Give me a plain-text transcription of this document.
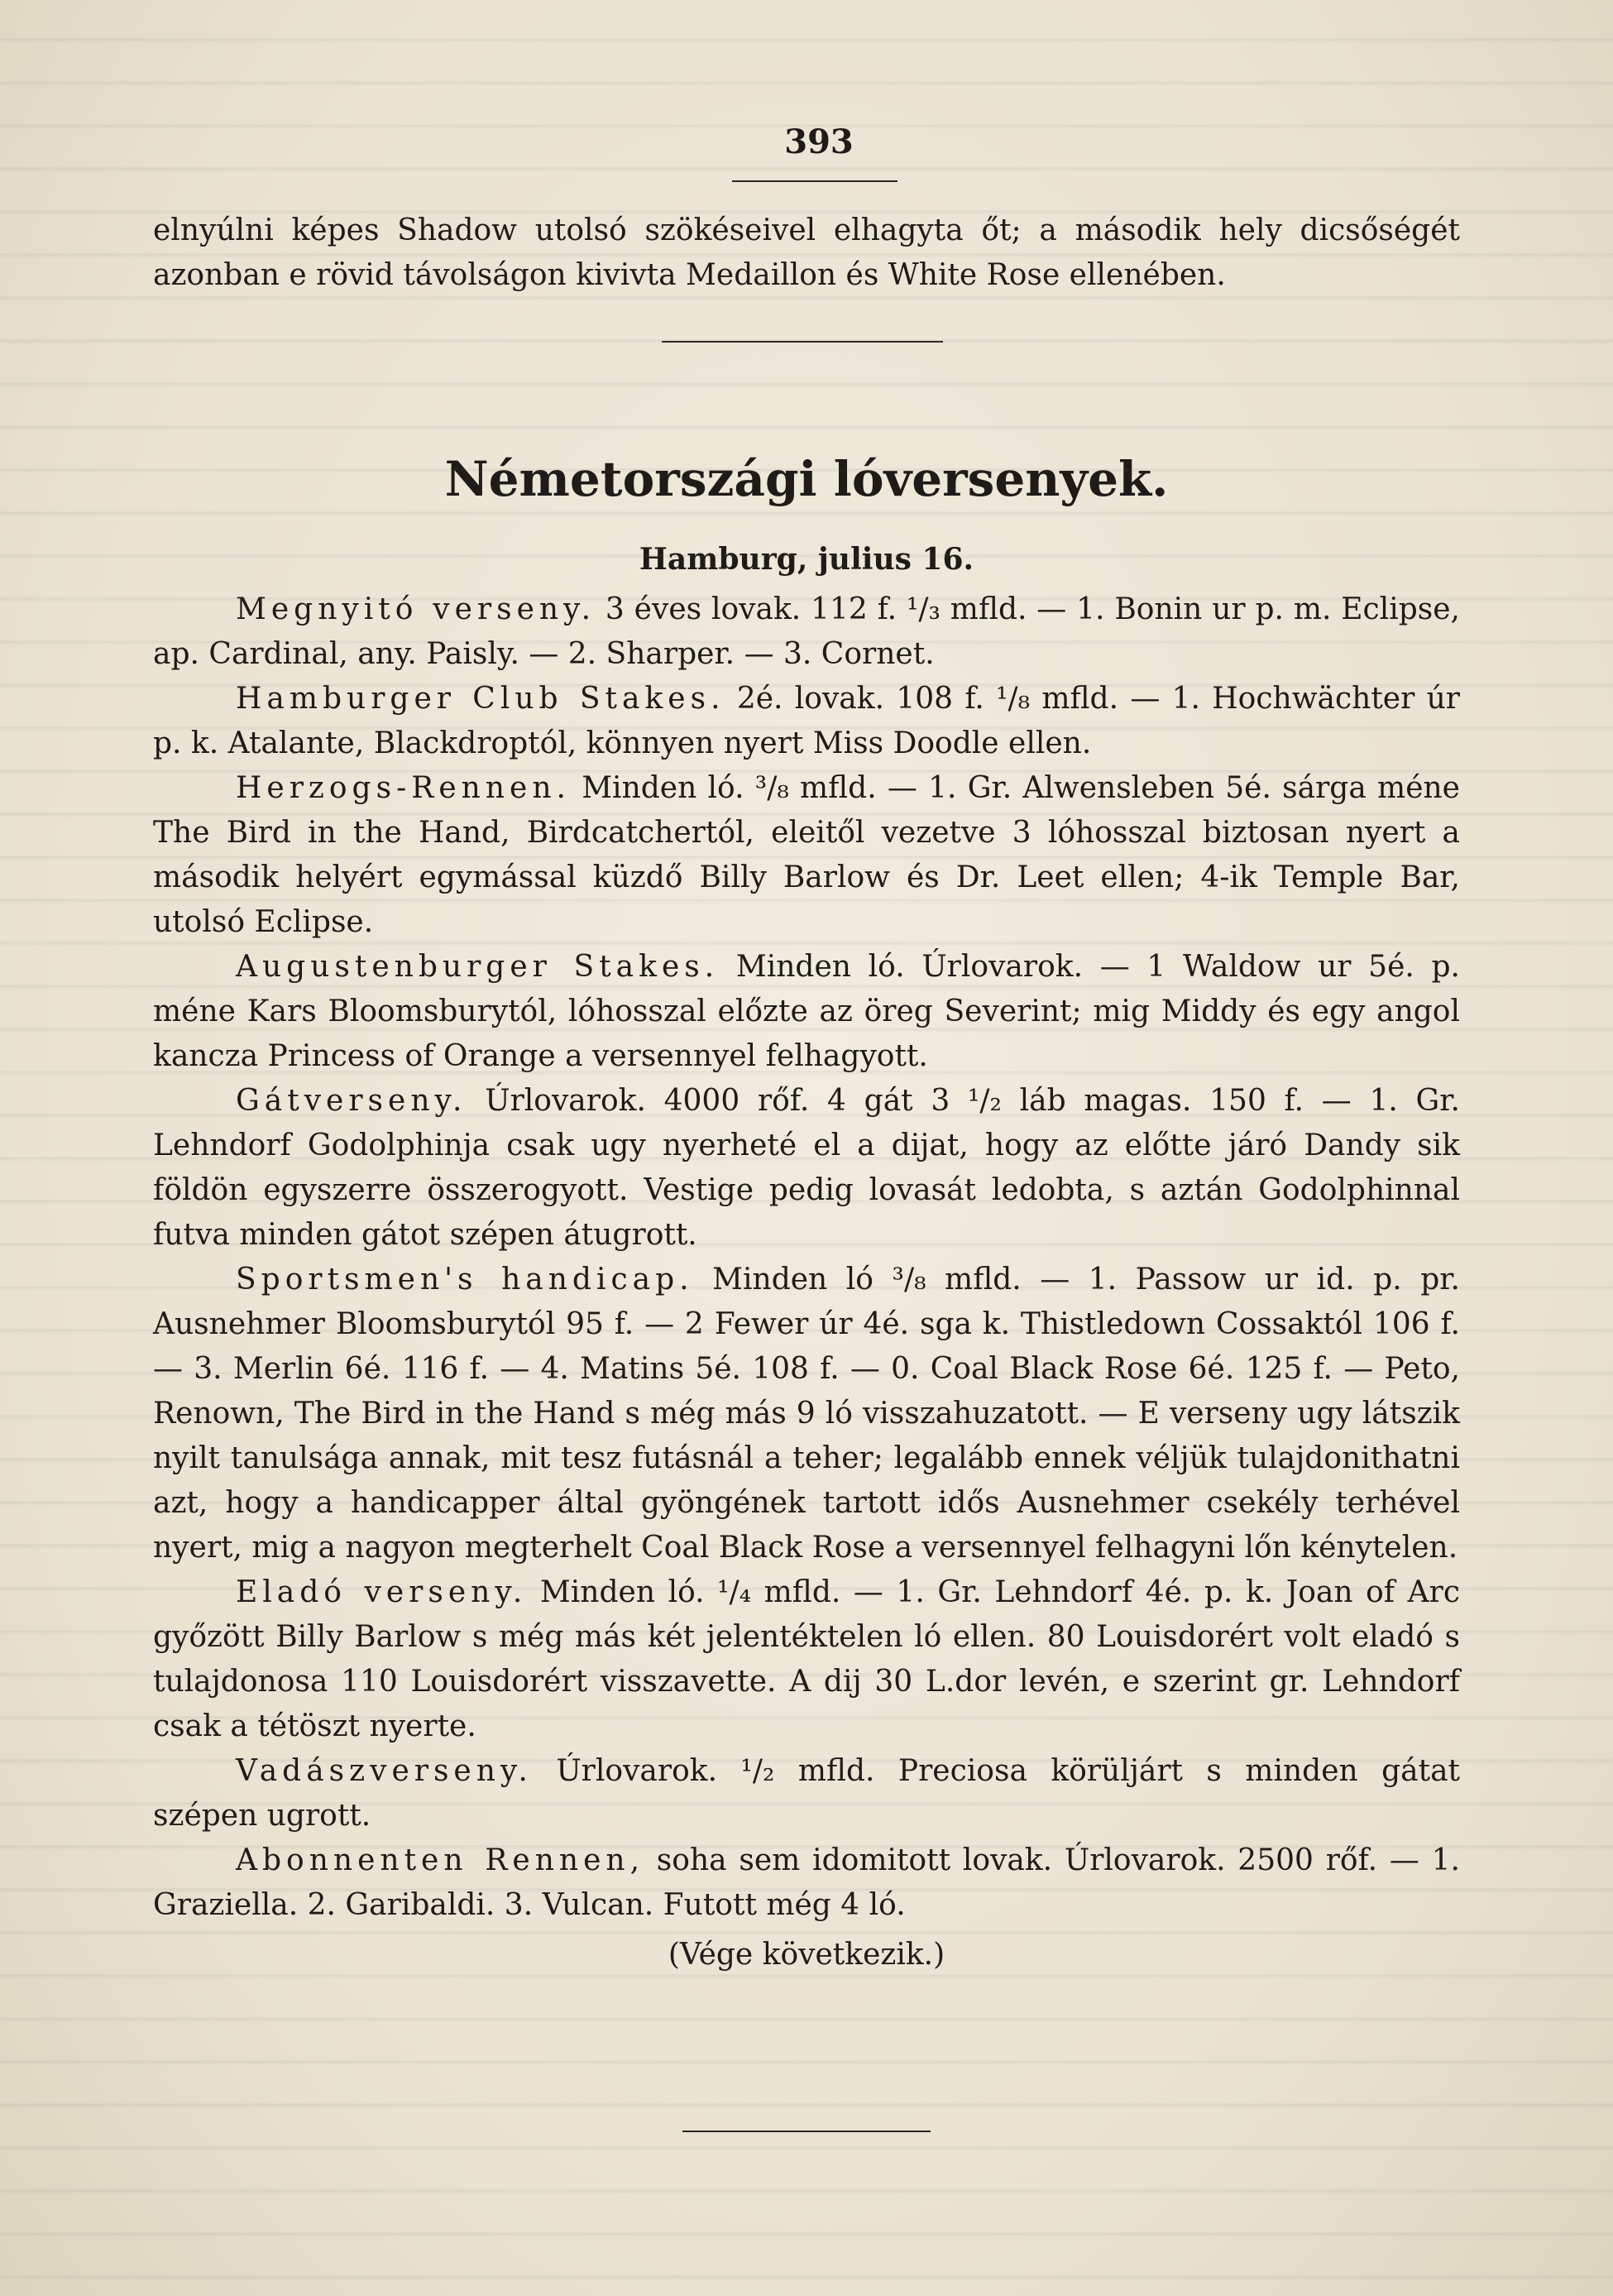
393

elnyúlni képes Shadow utolsó szökéseivel elhagyta őt; a második hely dicsőségét azonban e rövid távolságon kivivta Medaillon és White Rose ellenében.

Németországi lóversenyek.
Hamburg, julius 16.

Megnyitó verseny. 3 éves lovak. 112 f. ¹/₃ mfld. — 1. Bonin ur p. m. Eclipse, ap. Cardinal, any. Paisly. — 2. Sharper. — 3. Cornet.

Hamburger Club Stakes. 2é. lovak. 108 f. ¹/₈ mfld. — 1. Hochwächter úr p. k. Atalante, Blackdroptól, könnyen nyert Miss Doodle ellen.

Herzogs-Rennen. Minden ló. ³/₈ mfld. — 1. Gr. Alwensleben 5é. sárga méne The Bird in the Hand, Birdcatchertól, eleitől vezetve 3 lóhosszal biztosan nyert a második helyért egymással küzdő Billy Barlow és Dr. Leet ellen; 4-ik Temple Bar, utolsó Eclipse.

Augustenburger Stakes. Minden ló. Úrlovarok. — 1 Waldow ur 5é. p. méne Kars Bloomsburytól, lóhosszal előzte az öreg Severint; mig Middy és egy angol kancza Princess of Orange a versennyel felhagyott.

Gátverseny. Úrlovarok. 4000 rőf. 4 gát 3 ¹/₂ láb magas. 150 f. — 1. Gr. Lehndorf Godolphinja csak ugy nyerheté el a dijat, hogy az előtte járó Dandy sik földön egyszerre összerogyott. Vestige pedig lovasát ledobta, s aztán Godolphinnal futva minden gátot szépen átugrott.

Sportsmen's handicap. Minden ló ³/₈ mfld. — 1. Passow ur id. p. pr. Ausnehmer Bloomsburytól 95 f. — 2 Fewer úr 4é. sga k. Thistledown Cossaktól 106 f. — 3. Merlin 6é. 116 f. — 4. Matins 5é. 108 f. — 0. Coal Black Rose 6é. 125 f. — Peto, Renown, The Bird in the Hand s még más 9 ló visszahuzatott. — E verseny ugy látszik nyilt tanulsága annak, mit tesz futásnál a teher; legalább ennek véljük tulajdonithatni azt, hogy a handicapper által gyöngének tartott idős Ausnehmer csekély terhével nyert, mig a nagyon megterhelt Coal Black Rose a versennyel felhagyni lőn kénytelen.

Eladó verseny. Minden ló. ¹/₄ mfld. — 1. Gr. Lehndorf 4é. p. k. Joan of Arc győzött Billy Barlow s még más két jelentéktelen ló ellen. 80 Louisdorért volt eladó s tulajdonosa 110 Louisdorért visszavette. A dij 30 L.dor levén, e szerint gr. Lehndorf csak a tétöszt nyerte.

Vadászverseny. Úrlovarok. ¹/₂ mfld. Preciosa körüljárt s minden gátat szépen ugrott.

Abonnenten Rennen, soha sem idomitott lovak. Úrlovarok. 2500 rőf. — 1. Graziella. 2. Garibaldi. 3. Vulcan. Futott még 4 ló.

(Vége következik.)
